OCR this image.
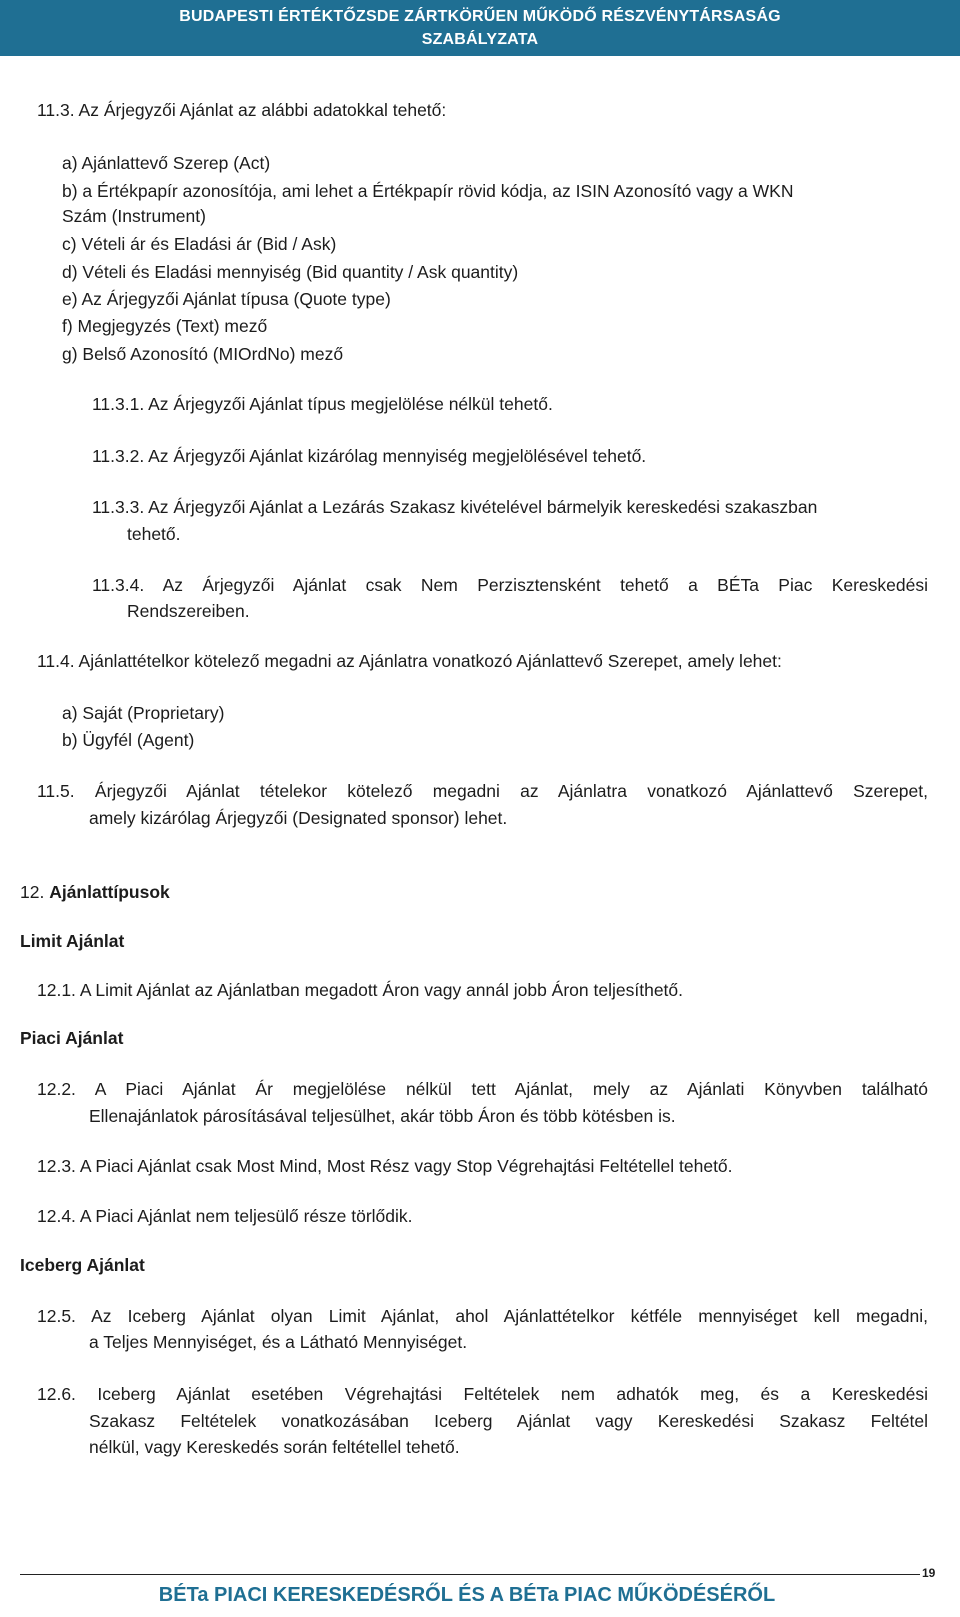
BUDAPESTI ÉRTÉKTŐZSDE ZÁRTKÖRŰEN MŰKÖDŐ RÉSZVÉNYTÁRSASÁG
SZABÁLYZATA

11.3. Az Árjegyzői Ajánlat az alábbi adatokkal tehető:

a) Ajánlattevő Szerep (Act)

b) a Értékpapír azonosítója, ami lehet a Értékpapír rövid kódja, az ISIN Azonosító vagy a WKN

Szám (Instrument)

c) Vételi ár és Eladási ár (Bid / Ask)

d) Vételi és Eladási mennyiség (Bid quantity / Ask quantity)

e) Az Árjegyzői Ajánlat típusa (Quote type)

f) Megjegyzés (Text) mező

g) Belső Azonosító (MIOrdNo) mező

11.3.1. Az Árjegyzői Ajánlat típus megjelölése nélkül tehető.

11.3.2. Az Árjegyzői Ajánlat kizárólag mennyiség megjelölésével tehető.

11.3.3. Az Árjegyzői Ajánlat a Lezárás Szakasz kivételével bármelyik kereskedési szakaszban

tehető.

11.3.4. Az Árjegyzői Ajánlat csak Nem Perzisztensként tehető a BÉTa Piac Kereskedési

Rendszereiben.

11.4. Ajánlattételkor kötelező megadni az Ajánlatra vonatkozó Ajánlattevő Szerepet, amely lehet:

a) Saját (Proprietary)

b) Ügyfél (Agent)

11.5. Árjegyzői Ajánlat tételekor kötelező megadni az Ajánlatra vonatkozó Ajánlattevő Szerepet,

amely kizárólag Árjegyzői (Designated sponsor) lehet.

12. Ajánlattípusok

Limit Ajánlat

12.1. A Limit Ajánlat az Ajánlatban megadott Áron vagy annál jobb Áron teljesíthető.

Piaci Ajánlat

12.2. A Piaci Ajánlat Ár megjelölése nélkül tett Ajánlat, mely az Ajánlati Könyvben található

Ellenajánlatok párosításával teljesülhet, akár több Áron és több kötésben is.

12.3. A Piaci Ajánlat csak Most Mind, Most Rész vagy Stop Végrehajtási Feltétellel tehető.

12.4. A Piaci Ajánlat nem teljesülő része törlődik.

Iceberg Ajánlat

12.5. Az Iceberg Ajánlat olyan Limit Ajánlat, ahol Ajánlattételkor kétféle mennyiséget kell megadni,

a Teljes Mennyiséget, és a Látható Mennyiséget.

12.6. Iceberg Ajánlat esetében Végrehajtási Feltételek nem adhatók meg, és a Kereskedési
Szakasz Feltételek vonatkozásában Iceberg Ajánlat vagy Kereskedési Szakasz Feltétel

nélkül, vagy Kereskedés során feltétellel tehető.

19
BÉTa PIACI KERESKEDÉSRŐL ÉS A BÉTa PIAC MŰKÖDÉSÉRŐL
